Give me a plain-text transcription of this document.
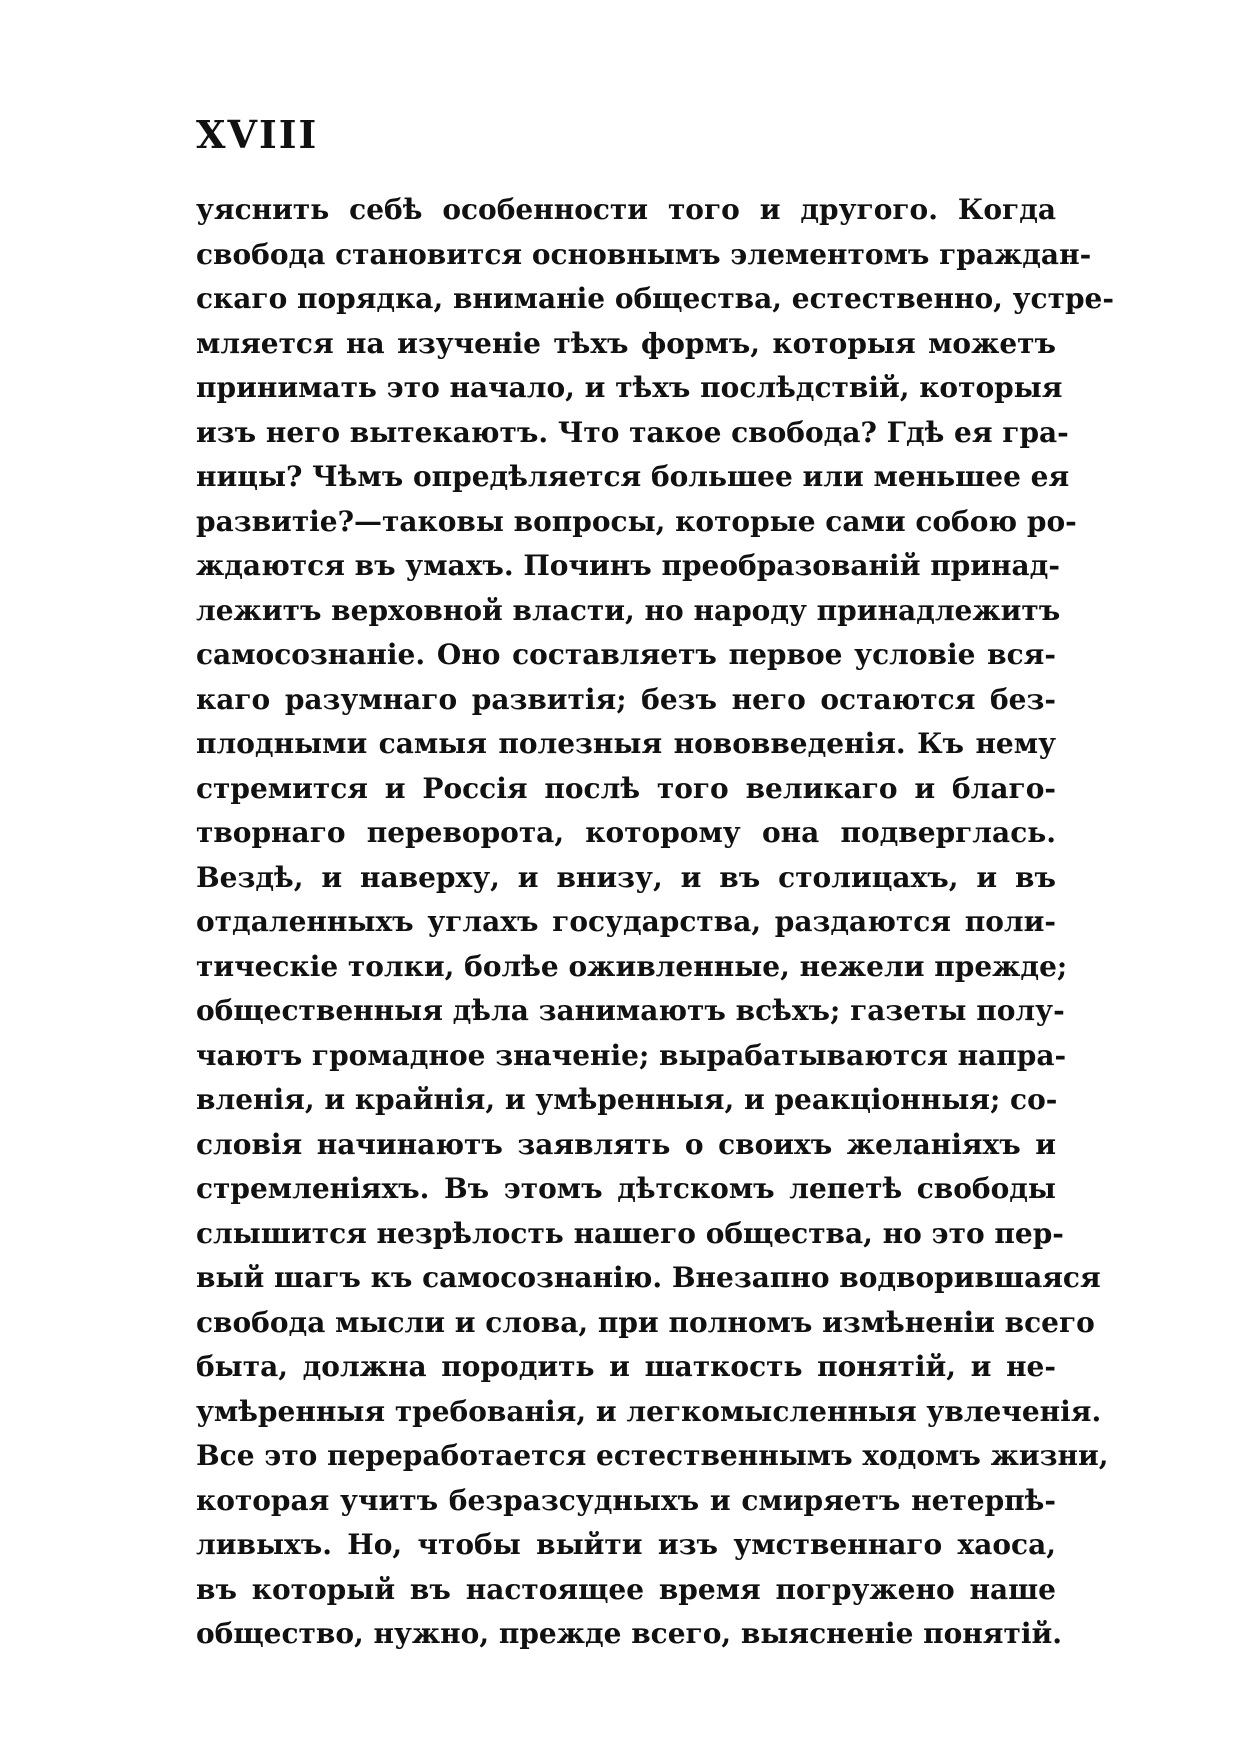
XVIII
уяснить себѣ особенности того и другого. Когда
свобода становится основнымъ элементомъ граждан-
скаго порядка, вниманіе общества, естественно, устре-
мляется на изученіе тѣхъ формъ, которыя можетъ
принимать это начало, и тѣхъ послѣдствій, которыя
изъ него вытекаютъ. Что такое свобода? Гдѣ ея гра-
ницы? Чѣмъ опредѣляется большее или меньшее ея
развитіе?—таковы вопросы, которые сами собою ро-
ждаются въ умахъ. Починъ преобразованій принад-
лежитъ верховной власти, но народу принадлежитъ
самосознаніе. Оно составляетъ первое условіе вся-
каго разумнаго развитія; безъ него остаются без-
плодными самыя полезныя нововведенія. Къ нему
стремится и Россія послѣ того великаго и благо-
творнаго переворота, которому она подверглась.
Вездѣ, и наверху, и внизу, и въ столицахъ, и въ
отдаленныхъ углахъ государства, раздаются поли-
тическіе толки, болѣе оживленные, нежели прежде;
общественныя дѣла занимаютъ всѣхъ; газеты полу-
чаютъ громадное значеніе; вырабатываются напра-
вленія, и крайнія, и умѣренныя, и реакціонныя; со-
словія начинаютъ заявлять о своихъ желаніяхъ и
стремленіяхъ. Въ этомъ дѣтскомъ лепетѣ свободы
слышится незрѣлость нашего общества, но это пер-
вый шагъ къ самосознанію. Внезапно водворившаяся
свобода мысли и слова, при полномъ измѣненіи всего
быта, должна породить и шаткость понятій, и не-
умѣренныя требованія, и легкомысленныя увлеченія.
Все это переработается естественнымъ ходомъ жизни,
которая учитъ безразсудныхъ и смиряетъ нетерпѣ-
ливыхъ. Но, чтобы выйти изъ умственнаго хаоса,
въ который въ настоящее время погружено наше
общество, нужно, прежде всего, выясненіе понятій.
